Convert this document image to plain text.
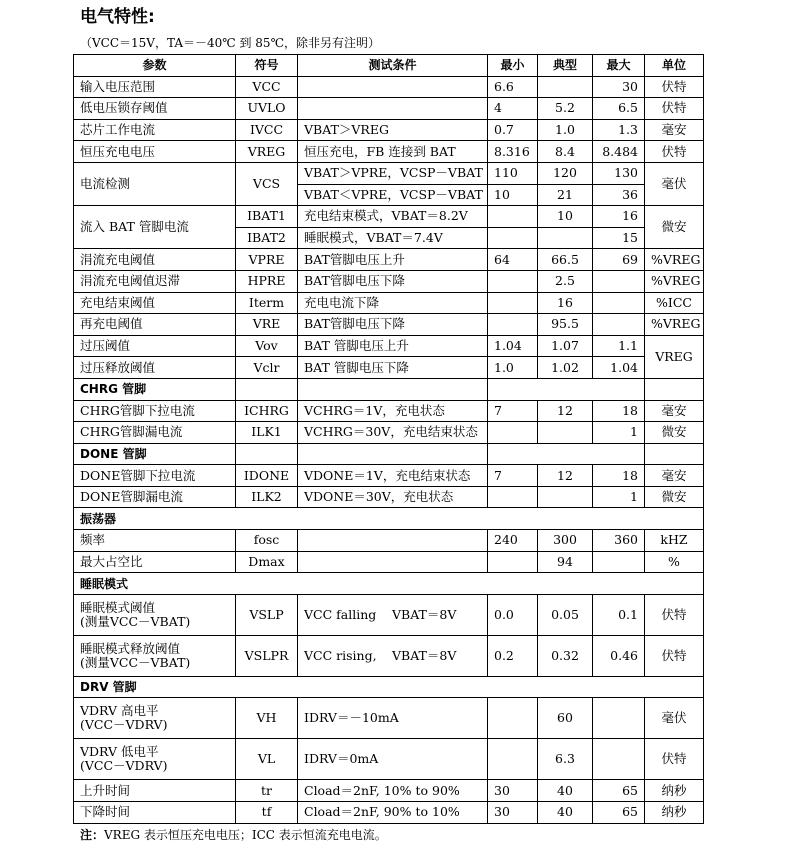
电气特性:
（VCC＝15V，TA＝－40℃ 到 85℃，除非另有注明）
参数	符号	测试条件	最小	典型	最大	单位
输入电压范围	VCC		6.6		30	伏特
低电压锁存阈值	UVLO		4	5.2	6.5	伏特
芯片工作电流	IVCC	VBAT＞VREG	0.7	1.0	1.3	毫安
恒压充电电压	VREG	恒压充电，FB 连接到 BAT	8.316	8.4	8.484	伏特
电流检测	VCS	VBAT＞VPRE，VCSP－VBAT	110	120	130	毫伏
		VBAT＜VPRE，VCSP－VBAT	10	21	36	
流入 BAT 管脚电流	IBAT1	充电结束模式，VBAT＝8.2V		10	16	微安
	IBAT2	睡眠模式，VBAT＝7.4V			15	
涓流充电阈值	VPRE	BAT管脚电压上升	64	66.5	69	%VREG
涓流充电阈值迟滞	HPRE	BAT管脚电压下降		2.5		%VREG
充电结束阈值	Iterm	充电电流下降		16		%ICC
再充电阈值	VRE	BAT管脚电压下降		95.5		%VREG
过压阈值	Vov	BAT 管脚电压上升	1.04	1.07	1.1	VREG
过压释放阈值	Vclr	BAT 管脚电压下降	1.0	1.02	1.04	
CHRG 管脚						
CHRG管脚下拉电流	ICHRG	VCHRG＝1V，充电状态	7	12	18	毫安
CHRG管脚漏电流	ILK1	VCHRG＝30V，充电结束状态			1	微安
DONE 管脚						
DONE管脚下拉电流	IDONE	VDONE＝1V，充电结束状态	7	12	18	毫安
DONE管脚漏电流	ILK2	VDONE＝30V，充电状态			1	微安
振荡器						
频率	fosc		240	300	360	kHZ
最大占空比	Dmax			94		%
睡眠模式						

睡眠模式阈值
(测量VCC－VBAT)	VSLP	VCC falling VBAT＝8V	0.0	0.05	0.1	伏特

睡眠模式释放阈值
(测量VCC－VBAT)	VSLPR	VCC rising, VBAT＝8V	0.2	0.32	0.46	伏特
DRV 管脚						

VDRV 高电平
(VCC－VDRV)	VH	IDRV＝－10mA		60		毫伏

VDRV 低电平
(VCC－VDRV)	VL	IDRV＝0mA		6.3		伏特
上升时间	tr	Cload＝2nF, 10% to 90%	30	40	65	纳秒
下降时间	tf	Cload＝2nF, 90% to 10%	30	40	65	纳秒
注：VREG 表示恒压充电电压；ICC 表示恒流充电电流。
